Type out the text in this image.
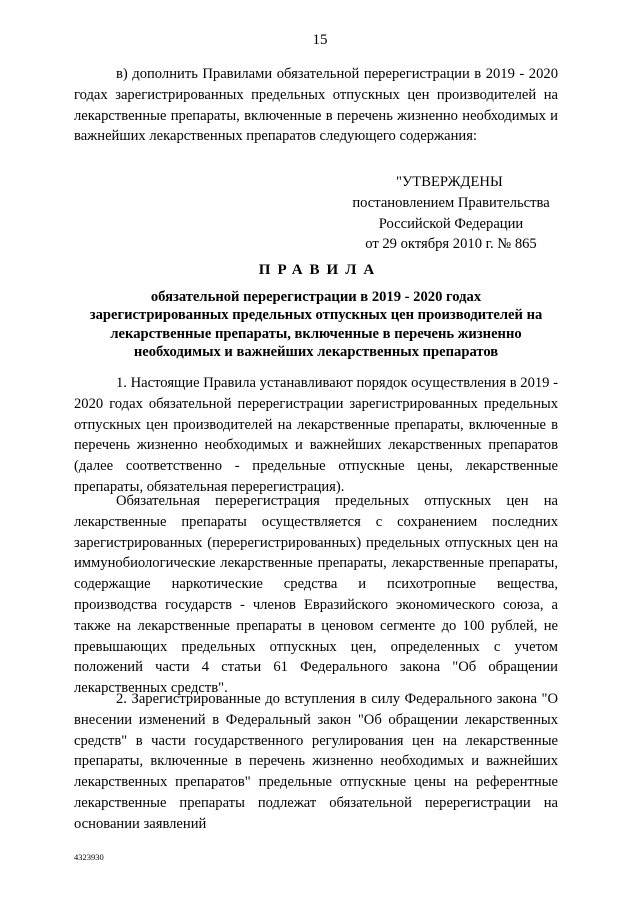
15

в) дополнить Правилами обязательной перерегистрации в 2019 - 2020 годах зарегистрированных предельных отпускных цен производителей на лекарственные препараты, включенные в перечень жизненно необходимых и важнейших лекарственных препаратов следующего содержания:

"УТВЕРЖДЕНЫ
постановлением Правительства
Российской Федерации
от 29 октября 2010 г. № 865
ПРАВИЛА
обязательной перерегистрации в 2019 - 2020 годах зарегистрированных предельных отпускных цен производителей на лекарственные препараты, включенные в перечень жизненно необходимых и важнейших лекарственных препаратов

1. Настоящие Правила устанавливают порядок осуществления в 2019 - 2020 годах обязательной перерегистрации зарегистрированных предельных отпускных цен производителей на лекарственные препараты, включенные в перечень жизненно необходимых и важнейших лекарственных препаратов (далее соответственно - предельные отпускные цены, лекарственные препараты, обязательная перерегистрация).

Обязательная перерегистрация предельных отпускных цен на лекарственные препараты осуществляется с сохранением последних зарегистрированных (перерегистрированных) предельных отпускных цен на иммунобиологические лекарственные препараты, лекарственные препараты, содержащие наркотические средства и психотропные вещества, производства государств - членов Евразийского экономического союза, а также на лекарственные препараты в ценовом сегменте до 100 рублей, не превышающих предельных отпускных цен, определенных с учетом положений части 4 статьи 61 Федерального закона "Об обращении лекарственных средств".

2. Зарегистрированные до вступления в силу Федерального закона "О внесении изменений в Федеральный закон "Об обращении лекарственных средств" в части государственного регулирования цен на лекарственные препараты, включенные в перечень жизненно необходимых и важнейших лекарственных препаратов" предельные отпускные цены на референтные лекарственные препараты подлежат обязательной перерегистрации на основании заявлений

4323930
